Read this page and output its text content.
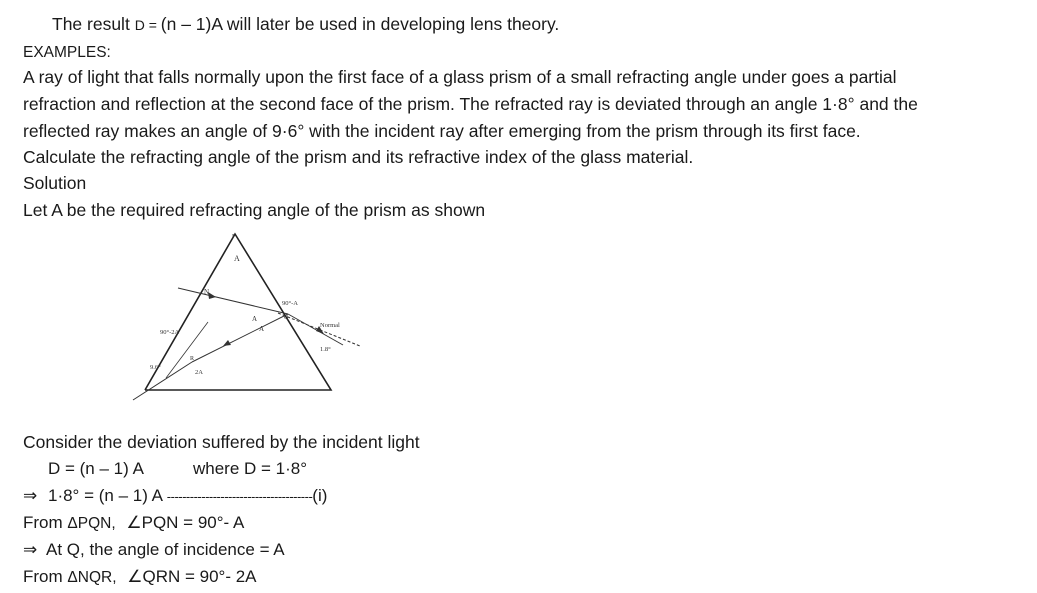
The result D = (n – 1)A will later be used in developing lens theory.
EXAMPLES:
A ray of light that falls normally upon the first face of a glass prism of a small refracting angle under goes a partial
refraction and reflection at the second face of the prism. The refracted ray is deviated through an angle 1·8° and the
reflected ray makes an angle of 9·6° with the incident ray after emerging from the prism through its first face.
Calculate the refracting angle of the prism and its refractive index of the glass material.
Solution
Let A be the required refracting angle of the prism as shown
P
A
N
90°-A
Q
Normal
1.8°
90°-2A
A
A
9.6°
R
2A
Consider the deviation suffered by the incident light
D = (n – 1) A	where D = 1·8°
⇒ 1·8° = (n – 1) A --------------------------------------(i)
From ΔPQN, ∠PQN = 90°- A
⇒ At Q, the angle of incidence = A
From ΔNQR, ∠QRN = 90°- 2A
